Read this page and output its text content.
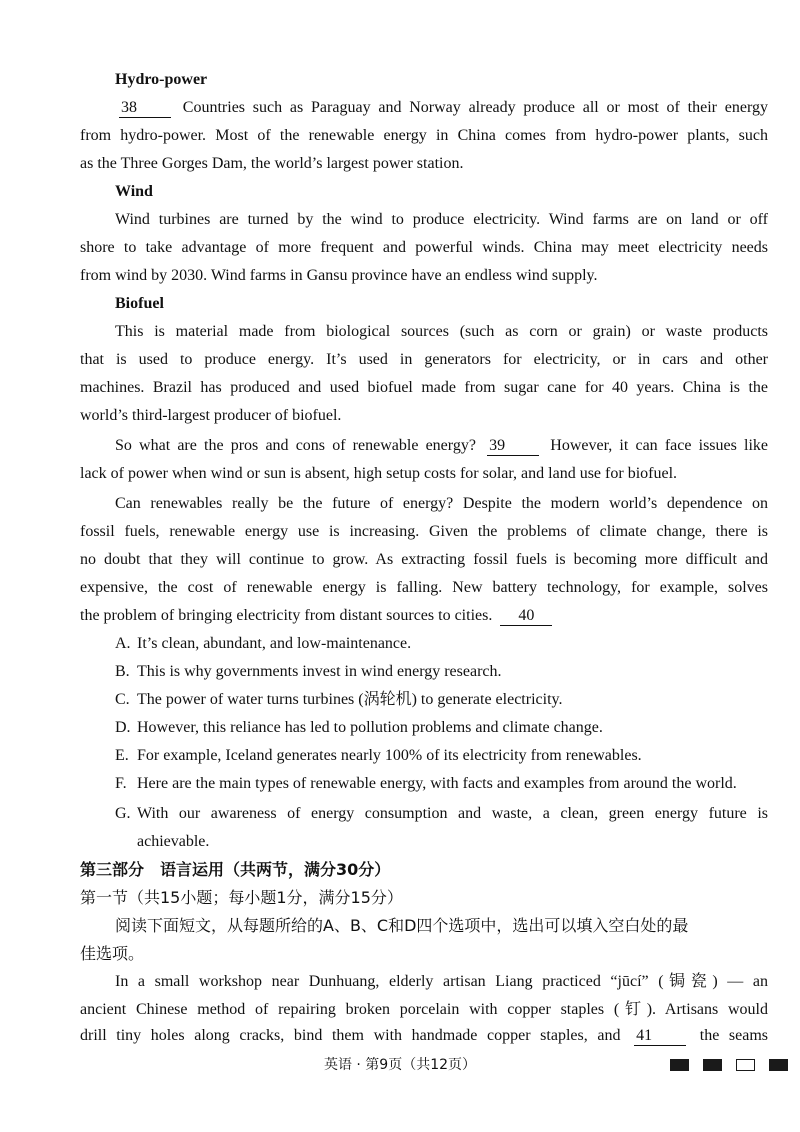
Hydro-power
38	Countries such as Paraguay and Norway already produce all or most of their energy
from hydro-power. Most of the renewable energy in China comes from hydro-power plants, such
as the Three Gorges Dam, the world’s largest power station.
Wind
Wind turbines are turned by the wind to produce electricity. Wind farms are on land or off
shore to take advantage of more frequent and powerful winds. China may meet electricity needs
from wind by 2030. Wind farms in Gansu province have an endless wind supply.
Biofuel
This is material made from biological sources (such as corn or grain) or waste products
that is used to produce energy. It’s used in generators for electricity, or in cars and other
machines. Brazil has produced and used biofuel made from sugar cane for 40 years. China is the
world’s third-largest producer of biofuel.
So what are the pros and cons of renewable energy? 39	However, it can face issues like
lack of power when wind or sun is absent, high setup costs for solar, and land use for biofuel.
Can renewables really be the future of energy? Despite the modern world’s dependence on
fossil fuels, renewable energy use is increasing. Given the problems of climate change, there is
no doubt that they will continue to grow. As extracting fossil fuels is becoming more difficult and
expensive, the cost of renewable energy is falling. New battery technology, for example, solves
the problem of bringing electricity from distant sources to cities. 40
A. It’s clean, abundant, and low-maintenance.
B. This is why governments invest in wind energy research.
C. The power of water turns turbines (涡轮机) to generate electricity.
D. However, this reliance has led to pollution problems and climate change.
E. For example, Iceland generates nearly 100% of its electricity from renewables.
F. Here are the main types of renewable energy, with facts and examples from around the world.
G. With our awareness of energy consumption and waste, a clean, green energy future is
achievable.
第三部分　语言运用（共两节，满分30分）
第一节（共15小题；每小题1分，满分15分）
阅读下面短文，从每题所给的A、B、C和D四个选项中，选出可以填入空白处的最
佳选项。
In a small workshop near Dunhuang, elderly artisan Liang practiced “jūcí” (锔瓷) — an
ancient Chinese method of repairing broken porcelain with copper staples (钉). Artisans would
drill tiny holes along cracks, bind them with handmade copper staples, and 41	the seams
英语 · 第9页（共12页）
